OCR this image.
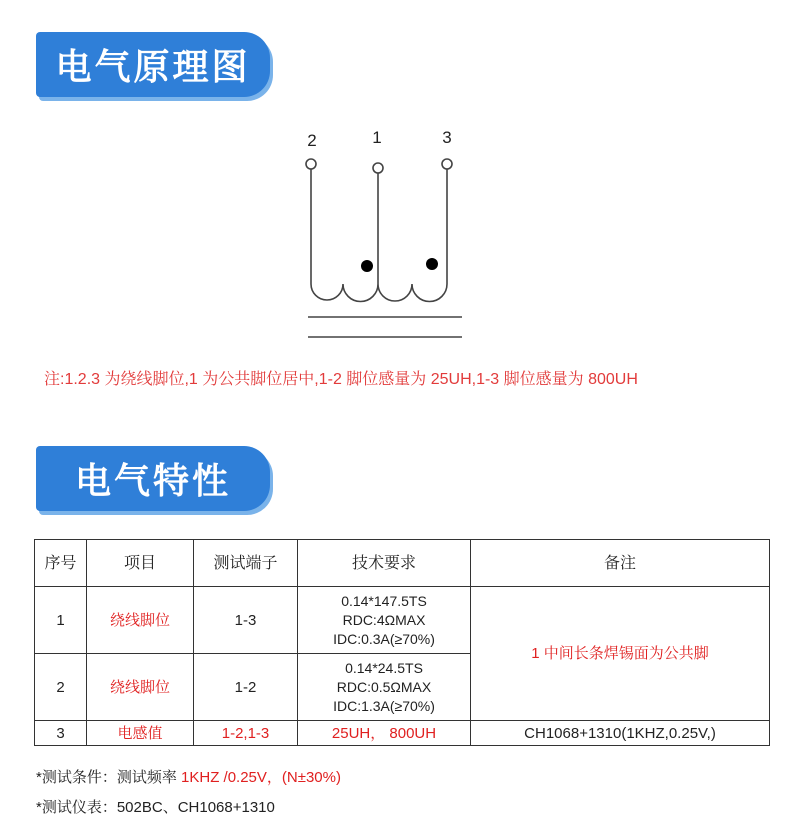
电气原理图
2	1	3
注:1.2.3 为绕线脚位,1 为公共脚位居中,1-2 脚位感量为 25UH,1-3 脚位感量为 800UH
电气特性
序号	项目	测试端子	技术要求	备注
1	绕线脚位	1-3	0.14*147.5TS
RDC:4ΩMAX
IDC:0.3A(≥70%)	1 中间长条焊锡面为公共脚
2	绕线脚位	1-2	0.14*24.5TS
RDC:0.5ΩMAX
IDC:1.3A(≥70%)	

3	电感值	1-2,1-3	25UH， 800UH	CH1068+1310(1KHZ,0.25V,)
*测试条件：测试频率 1KHZ /0.25V，(N±30%)
*测试仪表：502BC、CH1068+1310
